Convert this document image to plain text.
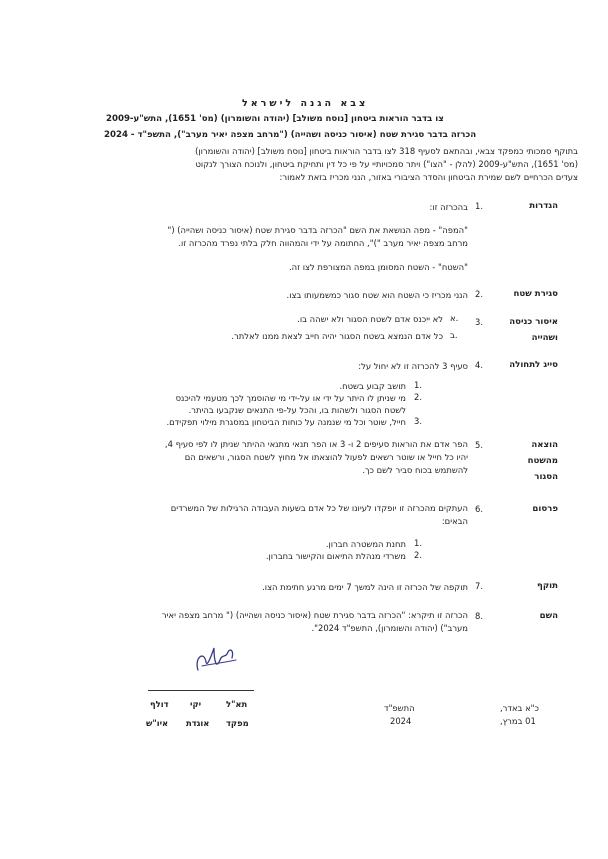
צבא הגנה לישראל
צו בדבר הוראות ביטחון [נוסח משולב] (יהודה והשומרון) (מס' 1651), התש"ע-2009
הכרזה בדבר סגירת שטח (איסור כניסה ושהייה) ("מרחב מצפה יאיר מערב"), התשפ"ד - 2024
בתוקף סמכותי כמפקד צבאי, ובהתאם לסעיף 318 לצו בדבר הוראות ביטחון [נוסח משולב] (יהודה והשומרון)
(מס' 1651), התש"ע-2009 (להלן - "הצו") ויתר סמכויותיי על פי כל דין ותחיקת ביטחון, ולנוכח הצורך לנקוט
צעדים הכרחיים לשם שמירת הביטחון והסדר הציבורי באזור, הנני מכריז בזאת לאמור:
הגדרות
1.
בהכרזה זו:
"המפה" - מפה הנושאת את השם "הכרזה בדבר סגירת שטח (איסור כניסה ושהייה) ("
מרחב מצפה יאיר מערב ")", החתומה על ידי והמהווה חלק בלתי נפרד מהכרזה זו.
"השטח" - השטח המסומן במפה המצורפת לצו זה.
סגירת שטח
2.
הנני מכריז כי השטח הוא שטח סגור כמשמעותו בצו.
איסור כניסה
ושהייה
3.
א.
לא ייכנס אדם לשטח הסגור ולא ישהה בו.
ב.
כל אדם הנמצא בשטח הסגור יהיה חייב לצאת ממנו לאלתר.
סייג לתחולה
4.
סעיף 3 להכרזה זו לא יחול על:
1.
תושב קבוע בשטח.
2.
מי שניתן לו היתר על ידי או על-ידי מי שהוסמך לכך מטעמי להיכנס
לשטח הסגור ולשהות בו, והכל על-פי התנאים שנקבעו בהיתר.
3.
חייל, שוטר וכל מי שנמנה על כוחות הביטחון במסגרת מילוי תפקידם.
הוצאה
מהשטח
הסגור
5.
הפר אדם את הוראות סעיפים 2 ו- 3 או הפר תנאי מתנאי ההיתר שניתן לו לפי סעיף 4,
יהיו כל חייל או שוטר רשאים לפעול להוצאתו אל מחוץ לשטח הסגור, ורשאים הם
להשתמש בכוח סביר לשם כך.
פרסום
6.
העתקים מהכרזה זו יופקדו לעיונו של כל אדם בשעות העבודה הרגילות של המשרדים
הבאים:
1.
תחנת המשטרה חברון.
2.
משרדי מנהלת התיאום והקישור בחברון.
תוקף
7.
תוקפה של הכרזה זו הינה למשך 7 ימים מרגע חתימת הצו.
השם
8.
הכרזה זו תיקרא: "הכרזה בדבר סגירת שטח (איסור כניסה ושהייה) (" מרחב מצפה יאיר
מערב") (יהודה והשומרון), התשפ"ד 2024".
תא"ל
יקי
דולף
מפקד
אוגדת
איו"ש
התשפ"ד
2024
כ"א באדר,
01 במרץ,
